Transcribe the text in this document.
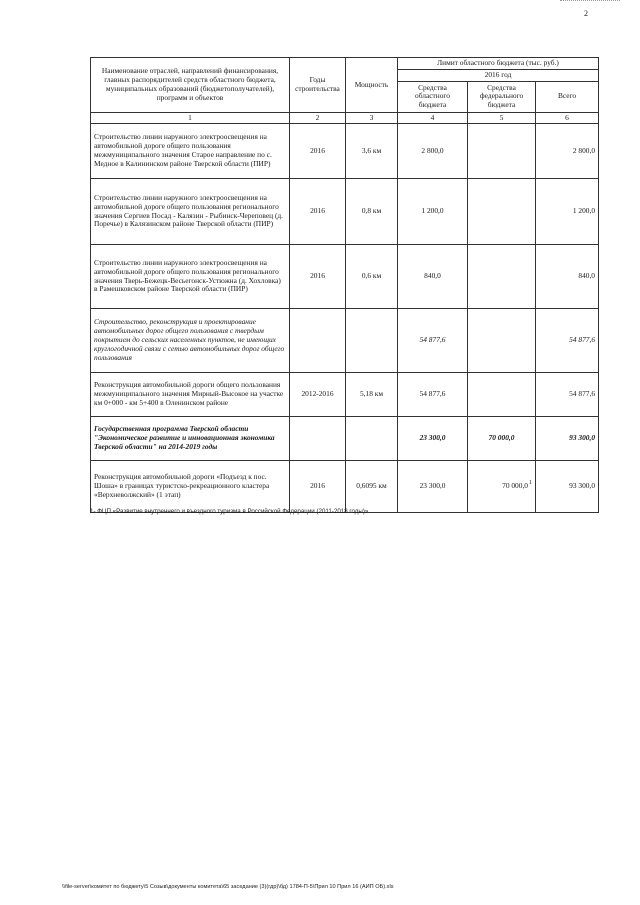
2
Наименование отраслей, направлений финансирования, главных распорядителей средств областного бюджета, муниципальных образований (бюджетополучателей), программ и объектов	Годы строительства	Мощность	Лимит областного бюджета (тыс. руб.)		
			2016 год		
			Средства областного бюджета	Средства федерального бюджета	Всего
1	2	3	4	5	6
Строительство линии наружного электроосвещения на автомобильной дороге общего пользования межмуниципального значения Старое направление по с. Медное в Калининском районе Тверской области (ПИР)	2016	3,6 км	2 800,0		2 800,0
Строительство линии наружного электроосвещения на автомобильной дороге общего пользования регионального значения Сергиев Посад - Калязин - Рыбинск-Череповец (д. Поречье) в Калязинском районе Тверской области (ПИР)	2016	0,8 км	1 200,0		1 200,0
Строительство линии наружного электроосвещения на автомобильной дороге общего пользования регионального значения Тверь-Бежецк-Весьегонск-Устюжна (д. Хохловка) в Рамешковском районе Тверской области (ПИР)	2016	0,6 км	840,0		840,0
Строительство, реконструкция и проектирование автомобильных дорог общего пользования с твердым покрытием до сельских населенных пунктов, не имеющих круглогодичной связи с сетью автомобильных дорог общего пользования			54 877,6		54 877,6
Реконструкция автомобильной дороги общего пользования межмуниципального значения Мирный-Высокое на участке км 0+000 - км 5+400 в Оленинском районе	2012-2016	5,18 км	54 877,6		54 877,6
Государственная программа Тверской области "Экономическое развитие и инновационная экономика Тверской области" на 2014-2019 годы			23 300,0	70 000,0	93 300,0
Реконструкция автомобильной дороги «Подъезд к пос. Шоша» в границах туристско-рекреационного кластера «Верхневолжский» (1 этап)	2016	0,6095 км	23 300,0	70 000,0$^1$	93 300,0
1- ФЦП «Развитие внутреннего и въездного туризма в Российской Федерации (2011-2018 годы)»
\\file-server\комитет по бюджету\5 Созыв\документы комитета\65 заседание (3)(гдр)\бд) 1784-П-5\Прил 10 Прил 16 (АИП ОБ).xls
